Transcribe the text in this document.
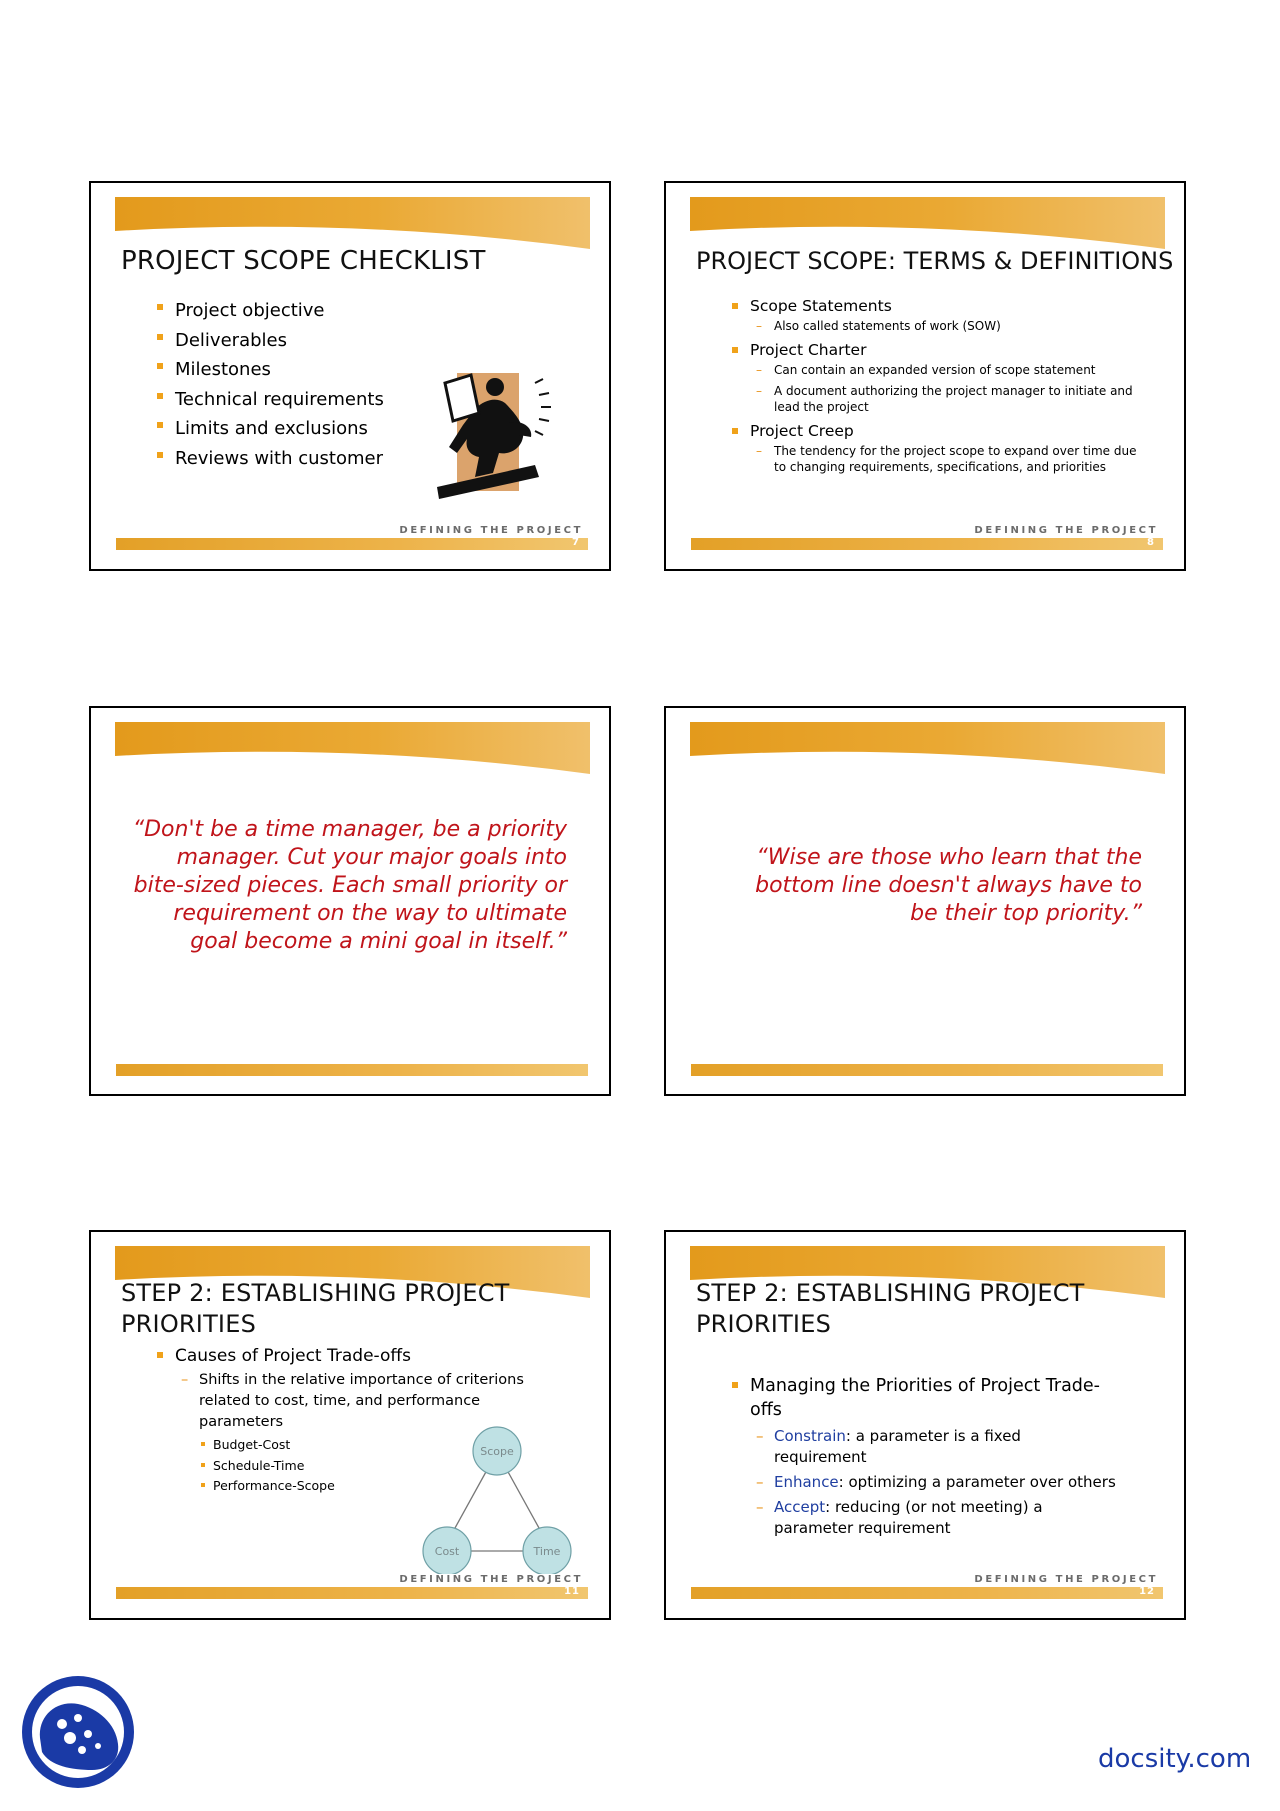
PROJECT SCOPE CHECKLIST
Project objective
Deliverables
Milestones
Technical requirements
Limits and exclusions
Reviews with customer
DEFINING THE PROJECT
7
PROJECT SCOPE: TERMS & DEFINITIONS
Scope Statements
– Also called statements of work (SOW)
Project Charter
– Can contain an expanded version of scope statement
– A document authorizing the project manager to initiate and lead the project
Project Creep
– The tendency for the project scope to expand over time due to changing requirements, specifications, and priorities
DEFINING THE PROJECT
8
“Don't be a time manager, be a priority manager. Cut your major goals into bite-sized pieces. Each small priority or requirement on the way to ultimate goal become a mini goal in itself.”
“Wise are those who learn that the bottom line doesn't always have to be their top priority.”
STEP 2: ESTABLISHING PROJECT
PRIORITIES
Causes of Project Trade-offs
– Shifts in the relative importance of criterions related to cost, time, and performance parameters
Budget-Cost
Schedule-Time
Performance-Scope
Scope
Cost	Time
DEFINING THE PROJECT
11
STEP 2: ESTABLISHING PROJECT
PRIORITIES
Managing the Priorities of Project Trade-offs
– Constrain: a parameter is a fixed requirement
– Enhance: optimizing a parameter over others
– Accept: reducing (or not meeting) a parameter requirement
DEFINING THE PROJECT
12
docsity.com
